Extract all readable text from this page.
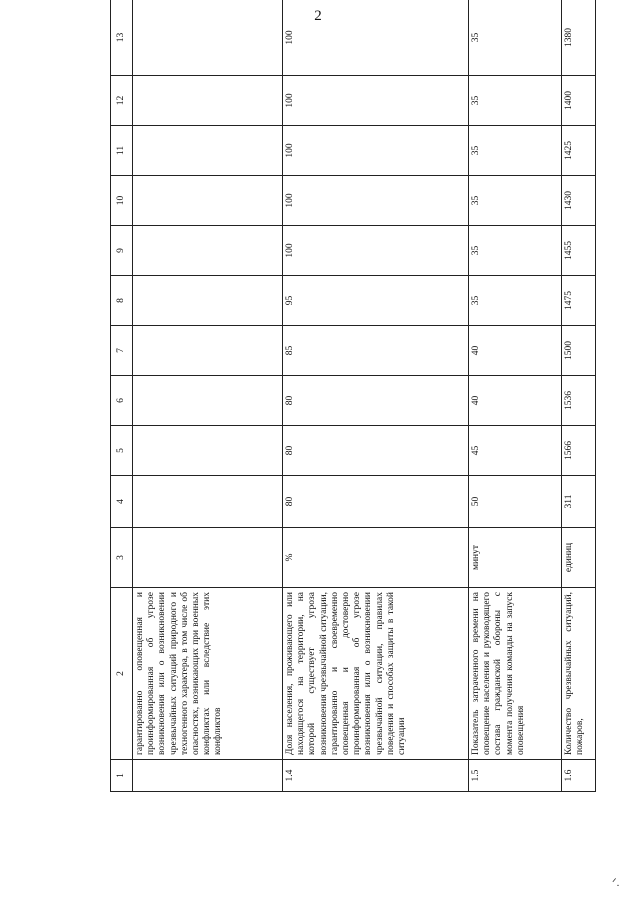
2
1	2	3	4	5	6	7	8	9	10	11	12	13
	гарантированно оповещенная и проинформированная об угрозе возникновения или о возникновении чрезвычайных ситуаций природного и техногенного характера, в том числе об опасностях, возникающих при военных конфликтах или вследствие этих конфликтов											
1.4	Доля населения, проживающего или находящегося на территории, на которой существует угроза возникновения чрезвычайной ситуации, гарантированно и своевременно оповещенная и достоверно проинформированная об угрозе возникновения или о возникновении чрезвычайной ситуации, правилах поведения и способах защиты в такой ситуации	%	80	80	80	85	95	100	100	100	100	100
1.5	Показатель затраченного времени на оповещение населения и руководящего состава гражданской обороны с момента получения команды на запуск оповещения	минут	50	45	40	40	35	35	35	35	35	35
1.6	Количество чрезвычайных ситуаций, пожаров,	единиц	311	1566	1536	1500	1475	1455	1430	1425	1400	1380
ᐟ.
